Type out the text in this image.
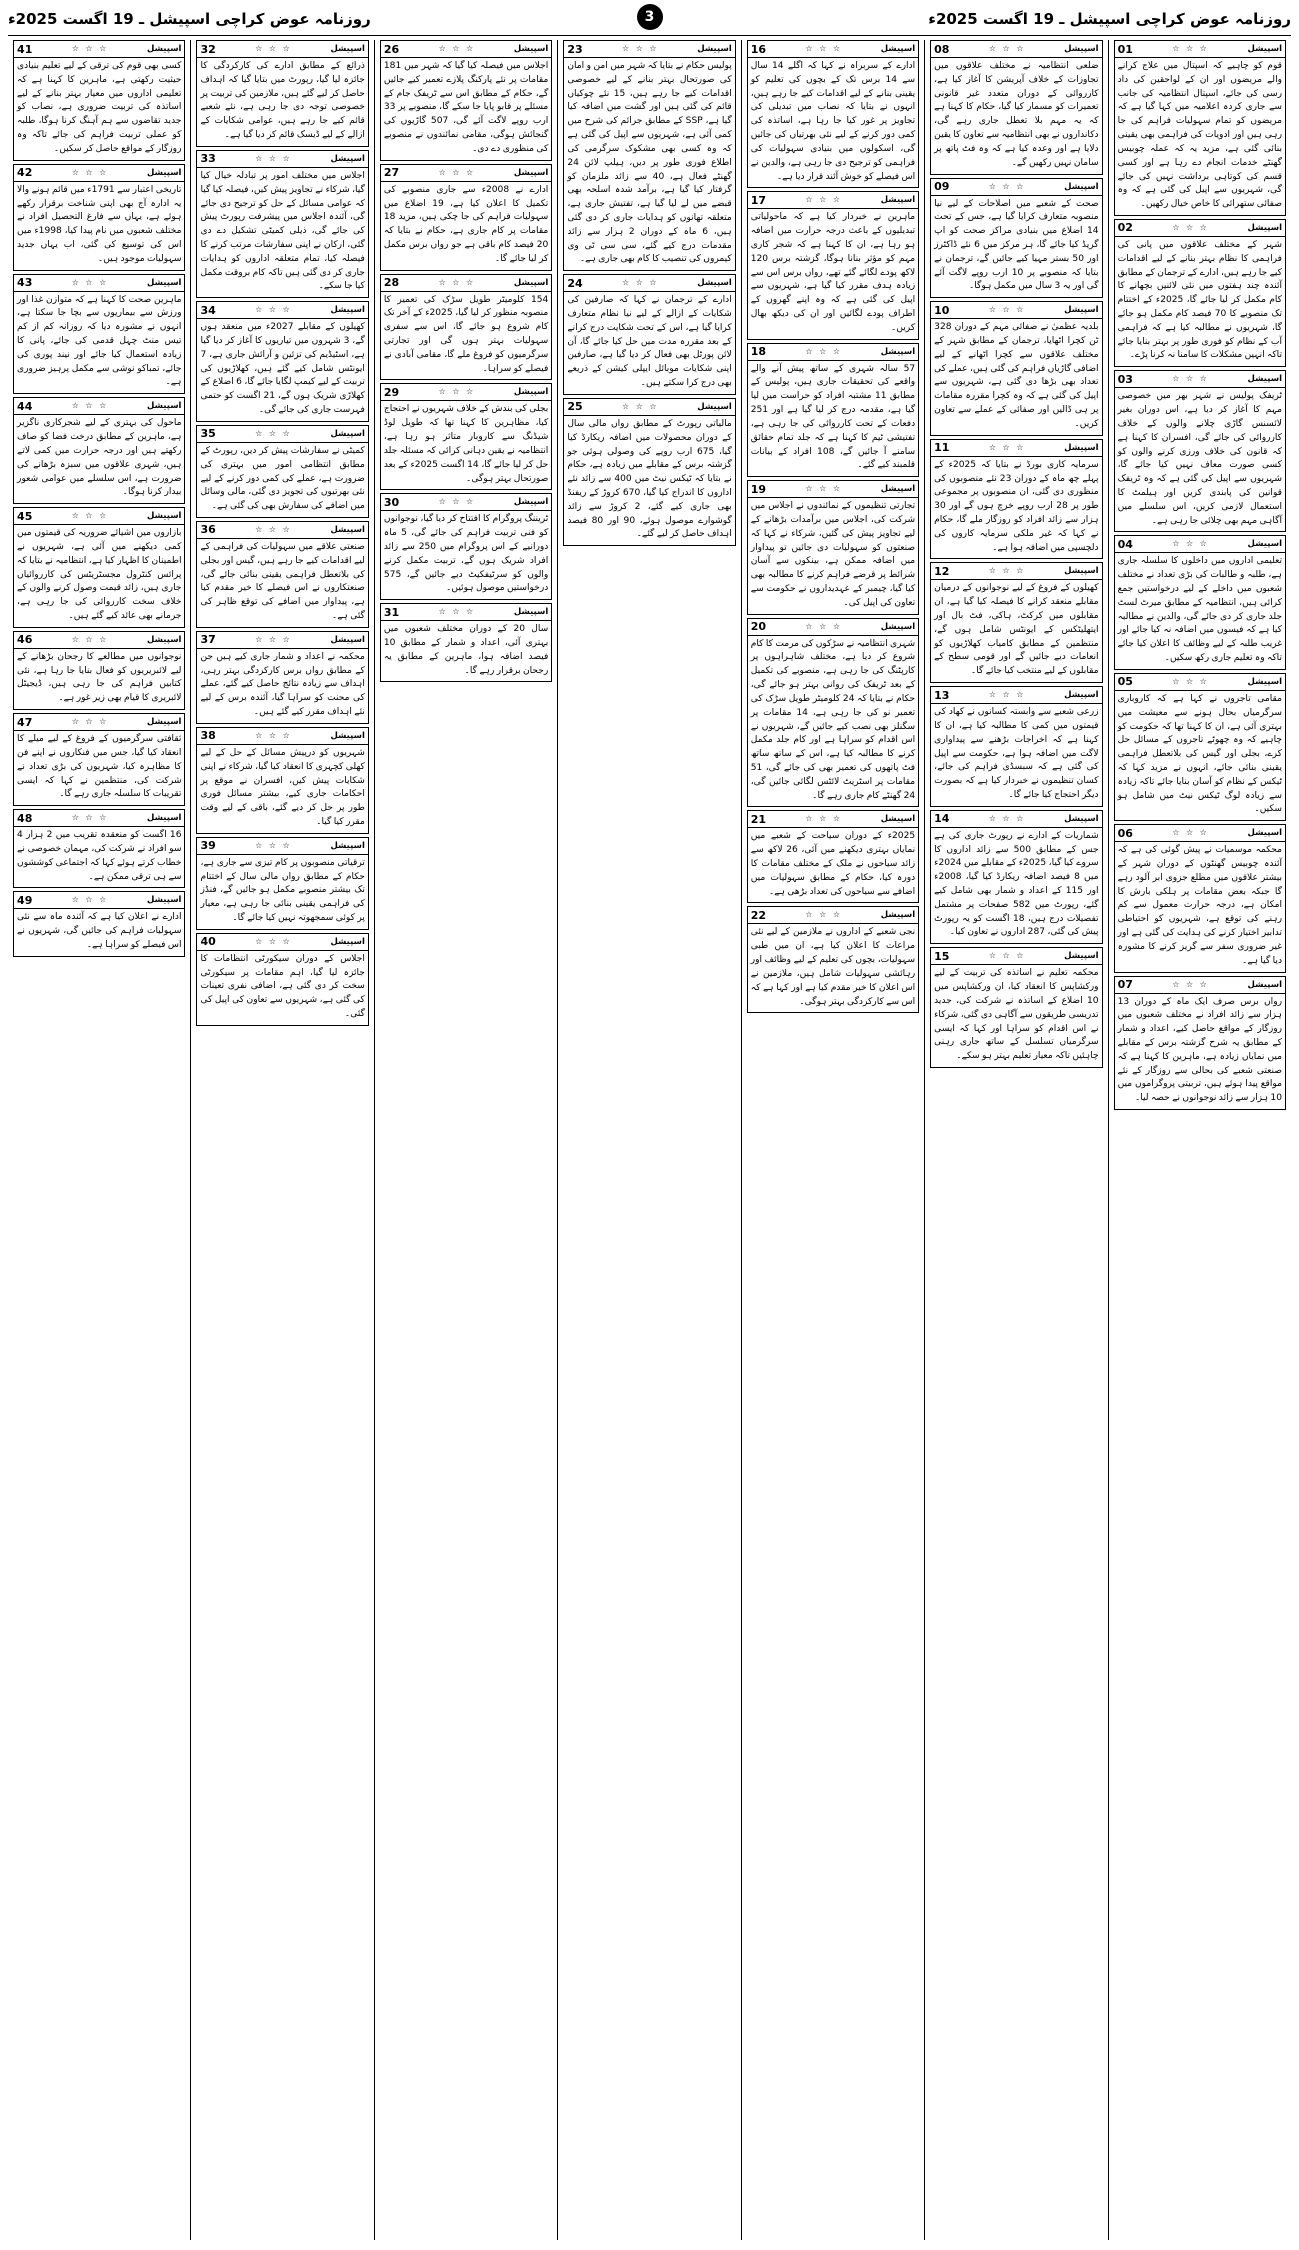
روزنامہ عوض کراچی اسپیشل ـ 19 اگست 2025ء	3	روزنامہ عوض کراچی اسپیشل ـ 19 اگست 2025ء
01	☆ ☆ ☆	اسپیشل
قوم کو چاہیے کہ اسپتال میں علاج کرانے والے مریضوں اور ان کے لواحقین کی داد رسی کی جائے، اسپتال انتظامیہ کی جانب سے جاری کردہ اعلامیہ میں کہا گیا ہے کہ مریضوں کو تمام سہولیات فراہم کی جا رہی ہیں اور ادویات کی فراہمی بھی یقینی بنائی گئی ہے، مزید یہ کہ عملہ چوبیس گھنٹے خدمات انجام دے رہا ہے اور کسی قسم کی کوتاہی برداشت نہیں کی جائے گی، شہریوں سے اپیل کی گئی ہے کہ وہ صفائی ستھرائی کا خاص خیال رکھیں۔
02	☆ ☆ ☆	اسپیشل
شہر کے مختلف علاقوں میں پانی کی فراہمی کا نظام بہتر بنانے کے لیے اقدامات کیے جا رہے ہیں، ادارے کے ترجمان کے مطابق آئندہ چند ہفتوں میں نئی لائنیں بچھانے کا کام مکمل کر لیا جائے گا، 2025ء کے اختتام تک منصوبے کا 70 فیصد کام مکمل ہو جائے گا، شہریوں نے مطالبہ کیا ہے کہ فراہمی آب کے نظام کو فوری طور پر بہتر بنایا جائے تاکہ انہیں مشکلات کا سامنا نہ کرنا پڑے۔
03	☆ ☆ ☆	اسپیشل
ٹریفک پولیس نے شہر بھر میں خصوصی مہم کا آغاز کر دیا ہے، اس دوران بغیر لائسنس گاڑی چلانے والوں کے خلاف کارروائی کی جائے گی، افسران کا کہنا ہے کہ قانون کی خلاف ورزی کرنے والوں کو کسی صورت معاف نہیں کیا جائے گا، شہریوں سے اپیل کی گئی ہے کہ وہ ٹریفک قوانین کی پابندی کریں اور ہیلمٹ کا استعمال لازمی کریں، اس سلسلے میں آگاہی مہم بھی چلائی جا رہی ہے۔
04	☆ ☆ ☆	اسپیشل
تعلیمی اداروں میں داخلوں کا سلسلہ جاری ہے، طلبہ و طالبات کی بڑی تعداد نے مختلف شعبوں میں داخلے کے لیے درخواستیں جمع کرائی ہیں، انتظامیہ کے مطابق میرٹ لسٹ جلد جاری کر دی جائے گی، والدین نے مطالبہ کیا ہے کہ فیسوں میں اضافہ نہ کیا جائے اور غریب طلبہ کے لیے وظائف کا اعلان کیا جائے تاکہ وہ تعلیم جاری رکھ سکیں۔
05	☆ ☆ ☆	اسپیشل
مقامی تاجروں نے کہا ہے کہ کاروباری سرگرمیاں بحال ہونے سے معیشت میں بہتری آئی ہے، ان کا کہنا تھا کہ حکومت کو چاہیے کہ وہ چھوٹے تاجروں کے مسائل حل کرے، بجلی اور گیس کی بلاتعطل فراہمی یقینی بنائی جائے، انہوں نے مزید کہا کہ ٹیکس کے نظام کو آسان بنایا جائے تاکہ زیادہ سے زیادہ لوگ ٹیکس نیٹ میں شامل ہو سکیں۔
06	☆ ☆ ☆	اسپیشل
محکمہ موسمیات نے پیش گوئی کی ہے کہ آئندہ چوبیس گھنٹوں کے دوران شہر کے بیشتر علاقوں میں مطلع جزوی ابر آلود رہے گا جبکہ بعض مقامات پر ہلکی بارش کا امکان ہے، درجہ حرارت معمول سے کم رہنے کی توقع ہے، شہریوں کو احتیاطی تدابیر اختیار کرنے کی ہدایت کی گئی ہے اور غیر ضروری سفر سے گریز کرنے کا مشورہ دیا گیا ہے۔
07	☆ ☆ ☆	اسپیشل
رواں برس صرف ایک ماہ کے دوران 13 ہزار سے زائد افراد نے مختلف شعبوں میں روزگار کے مواقع حاصل کیے، اعداد و شمار کے مطابق یہ شرح گزشتہ برس کے مقابلے میں نمایاں زیادہ ہے، ماہرین کا کہنا ہے کہ صنعتی شعبے کی بحالی سے روزگار کے نئے مواقع پیدا ہوئے ہیں، تربیتی پروگراموں میں 10 ہزار سے زائد نوجوانوں نے حصہ لیا۔
08	☆ ☆ ☆	اسپیشل
ضلعی انتظامیہ نے مختلف علاقوں میں تجاوزات کے خلاف آپریشن کا آغاز کیا ہے، کارروائی کے دوران متعدد غیر قانونی تعمیرات کو مسمار کیا گیا، حکام کا کہنا ہے کہ یہ مہم بلا تعطل جاری رہے گی، دکانداروں نے بھی انتظامیہ سے تعاون کا یقین دلایا ہے اور وعدہ کیا ہے کہ وہ فٹ پاتھ پر سامان نہیں رکھیں گے۔
09	☆ ☆ ☆	اسپیشل
صحت کے شعبے میں اصلاحات کے لیے نیا منصوبہ متعارف کرایا گیا ہے، جس کے تحت 14 اضلاع میں بنیادی مراکز صحت کو اپ گریڈ کیا جائے گا، ہر مرکز میں 6 نئے ڈاکٹرز اور 50 بستر مہیا کیے جائیں گے، ترجمان نے بتایا کہ منصوبے پر 10 ارب روپے لاگت آئے گی اور یہ 3 سال میں مکمل ہوگا۔
10	☆ ☆ ☆	اسپیشل
بلدیہ عظمیٰ نے صفائی مہم کے دوران 328 ٹن کچرا اٹھایا، ترجمان کے مطابق شہر کے مختلف علاقوں سے کچرا اٹھانے کے لیے اضافی گاڑیاں فراہم کی گئی ہیں، عملے کی تعداد بھی بڑھا دی گئی ہے، شہریوں سے اپیل کی گئی ہے کہ وہ کچرا مقررہ مقامات پر ہی ڈالیں اور صفائی کے عملے سے تعاون کریں۔
11	☆ ☆ ☆	اسپیشل
سرمایہ کاری بورڈ نے بتایا کہ 2025ء کے پہلے چھ ماہ کے دوران 23 نئے منصوبوں کی منظوری دی گئی، ان منصوبوں پر مجموعی طور پر 28 ارب روپے خرچ ہوں گے اور 30 ہزار سے زائد افراد کو روزگار ملے گا، حکام نے کہا کہ غیر ملکی سرمایہ کاروں کی دلچسپی میں اضافہ ہوا ہے۔
12	☆ ☆ ☆	اسپیشل
کھیلوں کے فروغ کے لیے نوجوانوں کے درمیان مقابلے منعقد کرانے کا فیصلہ کیا گیا ہے، ان مقابلوں میں کرکٹ، ہاکی، فٹ بال اور ایتھلیٹکس کے ایونٹس شامل ہوں گے، منتظمین کے مطابق کامیاب کھلاڑیوں کو انعامات دیے جائیں گے اور قومی سطح کے مقابلوں کے لیے منتخب کیا جائے گا۔
13	☆ ☆ ☆	اسپیشل
زرعی شعبے سے وابستہ کسانوں نے کھاد کی قیمتوں میں کمی کا مطالبہ کیا ہے، ان کا کہنا ہے کہ اخراجات بڑھنے سے پیداواری لاگت میں اضافہ ہوا ہے، حکومت سے اپیل کی گئی ہے کہ سبسڈی فراہم کی جائے، کسان تنظیموں نے خبردار کیا ہے کہ بصورت دیگر احتجاج کیا جائے گا۔
14	☆ ☆ ☆	اسپیشل
شماریات کے ادارے نے رپورٹ جاری کی ہے جس کے مطابق 500 سے زائد اداروں کا سروے کیا گیا، 2025ء کے مقابلے میں 2024ء میں 8 فیصد اضافہ ریکارڈ کیا گیا، 2008ء اور 115 کے اعداد و شمار بھی شامل کیے گئے، رپورٹ میں 582 صفحات پر مشتمل تفصیلات درج ہیں، 18 اگست کو یہ رپورٹ پیش کی گئی، 287 اداروں نے تعاون کیا۔
15	☆ ☆ ☆	اسپیشل
محکمہ تعلیم نے اساتذہ کی تربیت کے لیے ورکشاپس کا انعقاد کیا، ان ورکشاپس میں 10 اضلاع کے اساتذہ نے شرکت کی، جدید تدریسی طریقوں سے آگاہی دی گئی، شرکاء نے اس اقدام کو سراہا اور کہا کہ ایسی سرگرمیاں تسلسل کے ساتھ جاری رہنی چاہئیں تاکہ معیار تعلیم بہتر ہو سکے۔
16	☆ ☆ ☆	اسپیشل
ادارے کے سربراہ نے کہا کہ اگلے 14 سال سے 14 برس تک کے بچوں کی تعلیم کو یقینی بنانے کے لیے اقدامات کیے جا رہے ہیں، انہوں نے بتایا کہ نصاب میں تبدیلی کی تجاویز پر غور کیا جا رہا ہے، اساتذہ کی کمی دور کرنے کے لیے نئی بھرتیاں کی جائیں گی، اسکولوں میں بنیادی سہولیات کی فراہمی کو ترجیح دی جا رہی ہے، والدین نے اس فیصلے کو خوش آئند قرار دیا ہے۔
17	☆ ☆ ☆	اسپیشل
ماہرین نے خبردار کیا ہے کہ ماحولیاتی تبدیلیوں کے باعث درجہ حرارت میں اضافہ ہو رہا ہے، ان کا کہنا ہے کہ شجر کاری مہم کو مؤثر بنانا ہوگا، گزشتہ برس 120 لاکھ پودے لگائے گئے تھے، رواں برس اس سے زیادہ ہدف مقرر کیا گیا ہے، شہریوں سے اپیل کی گئی ہے کہ وہ اپنے گھروں کے اطراف پودے لگائیں اور ان کی دیکھ بھال کریں۔
18	☆ ☆ ☆	اسپیشل
57 سالہ شہری کے ساتھ پیش آنے والے واقعے کی تحقیقات جاری ہیں، پولیس کے مطابق 11 مشتبہ افراد کو حراست میں لیا گیا ہے، مقدمہ درج کر لیا گیا ہے اور 251 دفعات کے تحت کارروائی کی جا رہی ہے، تفتیشی ٹیم کا کہنا ہے کہ جلد تمام حقائق سامنے آ جائیں گے، 108 افراد کے بیانات قلمبند کیے گئے۔
19	☆ ☆ ☆	اسپیشل
تجارتی تنظیموں کے نمائندوں نے اجلاس میں شرکت کی، اجلاس میں برآمدات بڑھانے کے لیے تجاویز پیش کی گئیں، شرکاء نے کہا کہ صنعتوں کو سہولیات دی جائیں تو پیداوار میں اضافہ ممکن ہے، بینکوں سے آسان شرائط پر قرضے فراہم کرنے کا مطالبہ بھی کیا گیا، چیمبر کے عہدیداروں نے حکومت سے تعاون کی اپیل کی۔
20	☆ ☆ ☆	اسپیشل
شہری انتظامیہ نے سڑکوں کی مرمت کا کام شروع کر دیا ہے، مختلف شاہراہوں پر کارپٹنگ کی جا رہی ہے، منصوبے کی تکمیل کے بعد ٹریفک کی روانی بہتر ہو جائے گی، حکام نے بتایا کہ 24 کلومیٹر طویل سڑک کی تعمیر نو کی جا رہی ہے، 14 مقامات پر سگنلز بھی نصب کیے جائیں گے، شہریوں نے اس اقدام کو سراہا ہے اور کام جلد مکمل کرنے کا مطالبہ کیا ہے، اس کے ساتھ ساتھ فٹ پاتھوں کی تعمیر بھی کی جائے گی، 51 مقامات پر اسٹریٹ لائٹس لگائی جائیں گی، 24 گھنٹے کام جاری رہے گا۔
21	☆ ☆ ☆	اسپیشل
2025ء کے دوران سیاحت کے شعبے میں نمایاں بہتری دیکھنے میں آئی، 26 لاکھ سے زائد سیاحوں نے ملک کے مختلف مقامات کا دورہ کیا، حکام کے مطابق سہولیات میں اضافے سے سیاحوں کی تعداد بڑھی ہے۔
22	☆ ☆ ☆	اسپیشل
نجی شعبے کے اداروں نے ملازمین کے لیے نئی مراعات کا اعلان کیا ہے، ان میں طبی سہولیات، بچوں کی تعلیم کے لیے وظائف اور رہائشی سہولیات شامل ہیں، ملازمین نے اس اعلان کا خیر مقدم کیا ہے اور کہا ہے کہ اس سے کارکردگی بہتر ہوگی۔
23	☆ ☆ ☆	اسپیشل
پولیس حکام نے بتایا کہ شہر میں امن و امان کی صورتحال بہتر بنانے کے لیے خصوصی اقدامات کیے جا رہے ہیں، 15 نئے چوکیاں قائم کی گئی ہیں اور گشت میں اضافہ کیا گیا ہے، SSP کے مطابق جرائم کی شرح میں کمی آئی ہے، شہریوں سے اپیل کی گئی ہے کہ وہ کسی بھی مشکوک سرگرمی کی اطلاع فوری طور پر دیں، ہیلپ لائن 24 گھنٹے فعال ہے، 40 سے زائد ملزمان کو گرفتار کیا گیا ہے، برآمد شدہ اسلحہ بھی قبضے میں لے لیا گیا ہے، تفتیش جاری ہے، متعلقہ تھانوں کو ہدایات جاری کر دی گئی ہیں، 6 ماہ کے دوران 2 ہزار سے زائد مقدمات درج کیے گئے، سی سی ٹی وی کیمروں کی تنصیب کا کام بھی جاری ہے۔
24	☆ ☆ ☆	اسپیشل
ادارے کے ترجمان نے کہا کہ صارفین کی شکایات کے ازالے کے لیے نیا نظام متعارف کرایا گیا ہے، اس کے تحت شکایت درج کرانے کے بعد مقررہ مدت میں حل کیا جائے گا، آن لائن پورٹل بھی فعال کر دیا گیا ہے، صارفین اپنی شکایات موبائل ایپلی کیشن کے ذریعے بھی درج کرا سکتے ہیں۔
25	☆ ☆ ☆	اسپیشل
مالیاتی رپورٹ کے مطابق رواں مالی سال کے دوران محصولات میں اضافہ ریکارڈ کیا گیا، 675 ارب روپے کی وصولی ہوئی جو گزشتہ برس کے مقابلے میں زیادہ ہے، حکام نے بتایا کہ ٹیکس نیٹ میں 400 سے زائد نئے اداروں کا اندراج کیا گیا، 670 کروڑ کے ریفنڈ بھی جاری کیے گئے، 2 کروڑ سے زائد گوشوارے موصول ہوئے، 90 اور 80 فیصد اہداف حاصل کر لیے گئے۔
26	☆ ☆ ☆	اسپیشل
اجلاس میں فیصلہ کیا گیا کہ شہر میں 181 مقامات پر نئے پارکنگ پلازے تعمیر کیے جائیں گے، حکام کے مطابق اس سے ٹریفک جام کے مسئلے پر قابو پایا جا سکے گا، منصوبے پر 33 ارب روپے لاگت آئے گی، 507 گاڑیوں کی گنجائش ہوگی، مقامی نمائندوں نے منصوبے کی منظوری دے دی۔
27	☆ ☆ ☆	اسپیشل
ادارے نے 2008ء سے جاری منصوبے کی تکمیل کا اعلان کیا ہے، 19 اضلاع میں سہولیات فراہم کی جا چکی ہیں، مزید 18 مقامات پر کام جاری ہے، حکام نے بتایا کہ 20 فیصد کام باقی ہے جو رواں برس مکمل کر لیا جائے گا۔
28	☆ ☆ ☆	اسپیشل
154 کلومیٹر طویل سڑک کی تعمیر کا منصوبہ منظور کر لیا گیا، 2025ء کے آخر تک کام شروع ہو جائے گا، اس سے سفری سہولیات بہتر ہوں گی اور تجارتی سرگرمیوں کو فروغ ملے گا، مقامی آبادی نے فیصلے کو سراہا۔
29	☆ ☆ ☆	اسپیشل
بجلی کی بندش کے خلاف شہریوں نے احتجاج کیا، مظاہرین کا کہنا تھا کہ طویل لوڈ شیڈنگ سے کاروبار متاثر ہو رہا ہے، انتظامیہ نے یقین دہانی کرائی کہ مسئلہ جلد حل کر لیا جائے گا، 14 اگست 2025ء کے بعد صورتحال بہتر ہوگی۔
30	☆ ☆ ☆	اسپیشل
ٹریننگ پروگرام کا افتتاح کر دیا گیا، نوجوانوں کو فنی تربیت فراہم کی جائے گی، 5 ماہ دورانیے کے اس پروگرام میں 250 سے زائد افراد شریک ہوں گے، تربیت مکمل کرنے والوں کو سرٹیفکیٹ دیے جائیں گے، 575 درخواستیں موصول ہوئیں۔
31	☆ ☆ ☆	اسپیشل
سال 20 کے دوران مختلف شعبوں میں بہتری آئی، اعداد و شمار کے مطابق 10 فیصد اضافہ ہوا، ماہرین کے مطابق یہ رجحان برقرار رہے گا۔
32	☆ ☆ ☆	اسپیشل
ذرائع کے مطابق ادارے کی کارکردگی کا جائزہ لیا گیا، رپورٹ میں بتایا گیا کہ اہداف حاصل کر لیے گئے ہیں، ملازمین کی تربیت پر خصوصی توجہ دی جا رہی ہے، نئے شعبے قائم کیے جا رہے ہیں، عوامی شکایات کے ازالے کے لیے ڈیسک قائم کر دیا گیا ہے۔
33	☆ ☆ ☆	اسپیشل
اجلاس میں مختلف امور پر تبادلہ خیال کیا گیا، شرکاء نے تجاویز پیش کیں، فیصلہ کیا گیا کہ عوامی مسائل کے حل کو ترجیح دی جائے گی، آئندہ اجلاس میں پیشرفت رپورٹ پیش کی جائے گی، ذیلی کمیٹی تشکیل دے دی گئی، ارکان نے اپنی سفارشات مرتب کرنے کا فیصلہ کیا، تمام متعلقہ اداروں کو ہدایات جاری کر دی گئی ہیں تاکہ کام بروقت مکمل کیا جا سکے۔
34	☆ ☆ ☆	اسپیشل
کھیلوں کے مقابلے 2027ء میں منعقد ہوں گے، 3 شہروں میں تیاریوں کا آغاز کر دیا گیا ہے، اسٹیڈیم کی تزئین و آرائش جاری ہے، 7 ایونٹس شامل کیے گئے ہیں، کھلاڑیوں کی تربیت کے لیے کیمپ لگایا جائے گا، 6 اضلاع کے کھلاڑی شریک ہوں گے، 21 اگست کو حتمی فہرست جاری کی جائے گی۔
35	☆ ☆ ☆	اسپیشل
کمیٹی نے سفارشات پیش کر دیں، رپورٹ کے مطابق انتظامی امور میں بہتری کی ضرورت ہے، عملے کی کمی دور کرنے کے لیے نئی بھرتیوں کی تجویز دی گئی، مالی وسائل میں اضافے کی سفارش بھی کی گئی ہے۔
36	☆ ☆ ☆	اسپیشل
صنعتی علاقے میں سہولیات کی فراہمی کے لیے اقدامات کیے جا رہے ہیں، گیس اور بجلی کی بلاتعطل فراہمی یقینی بنائی جائے گی، صنعتکاروں نے اس فیصلے کا خیر مقدم کیا ہے، پیداوار میں اضافے کی توقع ظاہر کی گئی ہے۔
37	☆ ☆ ☆	اسپیشل
محکمہ نے اعداد و شمار جاری کیے ہیں جن کے مطابق رواں برس کارکردگی بہتر رہی، اہداف سے زیادہ نتائج حاصل کیے گئے، عملے کی محنت کو سراہا گیا، آئندہ برس کے لیے نئے اہداف مقرر کیے گئے ہیں۔
38	☆ ☆ ☆	اسپیشل
شہریوں کو درپیش مسائل کے حل کے لیے کھلی کچہری کا انعقاد کیا گیا، شرکاء نے اپنی شکایات پیش کیں، افسران نے موقع پر احکامات جاری کیے، بیشتر مسائل فوری طور پر حل کر دیے گئے، باقی کے لیے وقت مقرر کیا گیا۔
39	☆ ☆ ☆	اسپیشل
ترقیاتی منصوبوں پر کام تیزی سے جاری ہے، حکام کے مطابق رواں مالی سال کے اختتام تک بیشتر منصوبے مکمل ہو جائیں گے، فنڈز کی فراہمی یقینی بنائی جا رہی ہے، معیار پر کوئی سمجھوتہ نہیں کیا جائے گا۔
40	☆ ☆ ☆	اسپیشل
اجلاس کے دوران سیکورٹی انتظامات کا جائزہ لیا گیا، اہم مقامات پر سیکورٹی سخت کر دی گئی ہے، اضافی نفری تعینات کی گئی ہے، شہریوں سے تعاون کی اپیل کی گئی۔
41	☆ ☆ ☆	اسپیشل
کسی بھی قوم کی ترقی کے لیے تعلیم بنیادی حیثیت رکھتی ہے، ماہرین کا کہنا ہے کہ تعلیمی اداروں میں معیار بہتر بنانے کے لیے اساتذہ کی تربیت ضروری ہے، نصاب کو جدید تقاضوں سے ہم آہنگ کرنا ہوگا، طلبہ کو عملی تربیت فراہم کی جائے تاکہ وہ روزگار کے مواقع حاصل کر سکیں۔
42	☆ ☆ ☆	اسپیشل
تاریخی اعتبار سے 1791ء میں قائم ہونے والا یہ ادارہ آج بھی اپنی شناخت برقرار رکھے ہوئے ہے، یہاں سے فارغ التحصیل افراد نے مختلف شعبوں میں نام پیدا کیا، 1998ء میں اس کی توسیع کی گئی، اب یہاں جدید سہولیات موجود ہیں۔
43	☆ ☆ ☆	اسپیشل
ماہرین صحت کا کہنا ہے کہ متوازن غذا اور ورزش سے بیماریوں سے بچا جا سکتا ہے، انہوں نے مشورہ دیا کہ روزانہ کم از کم تیس منٹ چہل قدمی کی جائے، پانی کا زیادہ استعمال کیا جائے اور نیند پوری کی جائے، تمباکو نوشی سے مکمل پرہیز ضروری ہے۔
44	☆ ☆ ☆	اسپیشل
ماحول کی بہتری کے لیے شجرکاری ناگزیر ہے، ماہرین کے مطابق درخت فضا کو صاف رکھتے ہیں اور درجہ حرارت میں کمی لاتے ہیں، شہری علاقوں میں سبزہ بڑھانے کی ضرورت ہے، اس سلسلے میں عوامی شعور بیدار کرنا ہوگا۔
45	☆ ☆ ☆	اسپیشل
بازاروں میں اشیائے ضروریہ کی قیمتوں میں کمی دیکھنے میں آئی ہے، شہریوں نے اطمینان کا اظہار کیا ہے، انتظامیہ نے بتایا کہ پرائس کنٹرول مجسٹریٹس کی کارروائیاں جاری ہیں، زائد قیمت وصول کرنے والوں کے خلاف سخت کارروائی کی جا رہی ہے، جرمانے بھی عائد کیے گئے ہیں۔
46	☆ ☆ ☆	اسپیشل
نوجوانوں میں مطالعے کا رجحان بڑھانے کے لیے لائبریریوں کو فعال بنایا جا رہا ہے، نئی کتابیں فراہم کی جا رہی ہیں، ڈیجیٹل لائبریری کا قیام بھی زیر غور ہے۔
47	☆ ☆ ☆	اسپیشل
ثقافتی سرگرمیوں کے فروغ کے لیے میلے کا انعقاد کیا گیا، جس میں فنکاروں نے اپنے فن کا مظاہرہ کیا، شہریوں کی بڑی تعداد نے شرکت کی، منتظمین نے کہا کہ ایسی تقریبات کا سلسلہ جاری رہے گا۔
48	☆ ☆ ☆	اسپیشل
16 اگست کو منعقدہ تقریب میں 2 ہزار 4 سو افراد نے شرکت کی، مہمان خصوصی نے خطاب کرتے ہوئے کہا کہ اجتماعی کوششوں سے ہی ترقی ممکن ہے۔
49	☆ ☆ ☆	اسپیشل
ادارے نے اعلان کیا ہے کہ آئندہ ماہ سے نئی سہولیات فراہم کی جائیں گی، شہریوں نے اس فیصلے کو سراہا ہے۔
